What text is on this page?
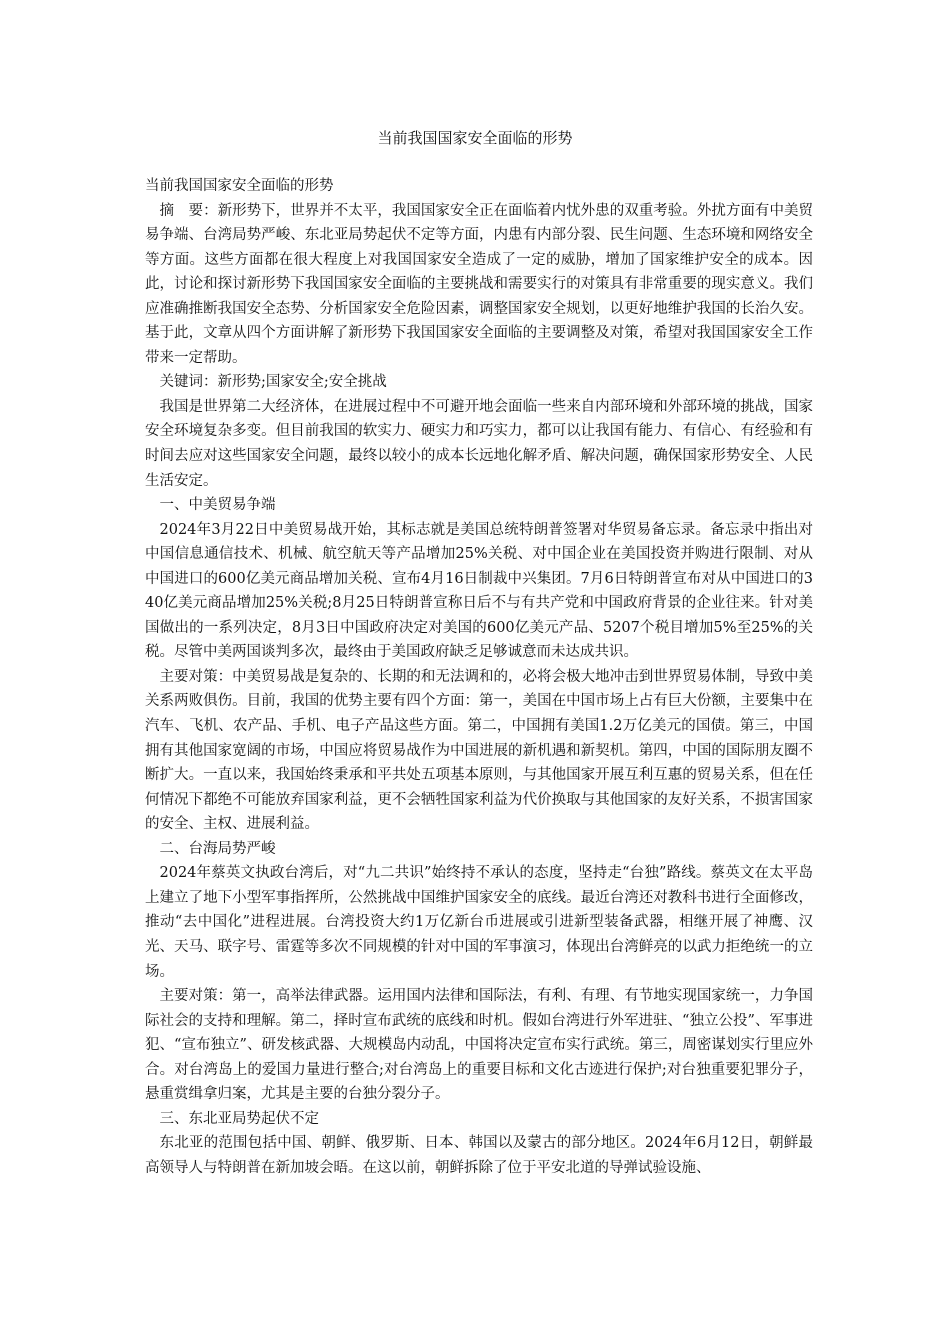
当前我国国家安全面临的形势

当前我国国家安全面临的形势

摘　要：新形势下，世界并不太平，我国国家安全正在面临着内忧外患的双重考验。外扰方面有中美贸易争端、台湾局势严峻、东北亚局势起伏不定等方面，内患有内部分裂、民生问题、生态环境和网络安全等方面。这些方面都在很大程度上对我国国家安全造成了一定的威胁，增加了国家维护安全的成本。因此，讨论和探讨新形势下我国国家安全面临的主要挑战和需要实行的对策具有非常重要的现实意义。我们应准确推断我国安全态势、分析国家安全危险因素，调整国家安全规划，以更好地维护我国的长治久安。基于此，文章从四个方面讲解了新形势下我国国家安全面临的主要调整及对策，希望对我国国家安全工作带来一定帮助。

关键词：新形势;国家安全;安全挑战

我国是世界第二大经济体，在进展过程中不可避开地会面临一些来自内部环境和外部环境的挑战，国家安全环境复杂多变。但目前我国的软实力、硬实力和巧实力，都可以让我国有能力、有信心、有经验和有时间去应对这些国家安全问题，最终以较小的成本长远地化解矛盾、解决问题，确保国家形势安全、人民生活安定。

一、中美贸易争端

2024年3月22日中美贸易战开始，其标志就是美国总统特朗普签署对华贸易备忘录。备忘录中指出对中国信息通信技术、机械、航空航天等产品增加25%关税、对中国企业在美国投资并购进行限制、对从中国进口的600亿美元商品增加关税、宣布4月16日制裁中兴集团。7月6日特朗普宣布对从中国进口的340亿美元商品增加25%关税;8月25日特朗普宣称日后不与有共产党和中国政府背景的企业往来。针对美国做出的一系列决定，8月3日中国政府决定对美国的600亿美元产品、5207个税目增加5%至25%的关税。尽管中美两国谈判多次，最终由于美国政府缺乏足够诚意而未达成共识。

主要对策：中美贸易战是复杂的、长期的和无法调和的，必将会极大地冲击到世界贸易体制，导致中美关系两败俱伤。目前，我国的优势主要有四个方面：第一，美国在中国市场上占有巨大份额，主要集中在汽车、飞机、农产品、手机、电子产品这些方面。第二，中国拥有美国1.2万亿美元的国债。第三，中国拥有其他国家宽阔的市场，中国应将贸易战作为中国进展的新机遇和新契机。第四，中国的国际朋友圈不断扩大。一直以来，我国始终秉承和平共处五项基本原则，与其他国家开展互利互惠的贸易关系，但在任何情况下都绝不可能放弃国家利益，更不会牺牲国家利益为代价换取与其他国家的友好关系，不损害国家的安全、主权、进展利益。

二、台海局势严峻

2024年蔡英文执政台湾后，对“九二共识”始终持不承认的态度，坚持走“台独”路线。蔡英文在太平岛上建立了地下小型军事指挥所，公然挑战中国维护国家安全的底线。最近台湾还对教科书进行全面修改，推动“去中国化”进程进展。台湾投资大约1万亿新台币进展或引进新型装备武器，相继开展了神鹰、汉光、天马、联字号、雷霆等多次不同规模的针对中国的军事演习，体现出台湾鲜亮的以武力拒绝统一的立场。

主要对策：第一，高举法律武器。运用国内法律和国际法，有利、有理、有节地实现国家统一，力争国际社会的支持和理解。第二，择时宣布武统的底线和时机。假如台湾进行外军进驻、“独立公投”、军事进犯、“宣布独立”、研发核武器、大规模岛内动乱，中国将决定宣布实行武统。第三，周密谋划实行里应外合。对台湾岛上的爱国力量进行整合;对台湾岛上的重要目标和文化古迹进行保护;对台独重要犯罪分子，悬重赏缉拿归案，尤其是主要的台独分裂分子。

三、东北亚局势起伏不定

东北亚的范围包括中国、朝鲜、俄罗斯、日本、韩国以及蒙古的部分地区。2024年6月12日，朝鲜最高领导人与特朗普在新加坡会晤。在这以前，朝鲜拆除了位于平安北道的导弹试验设施、
